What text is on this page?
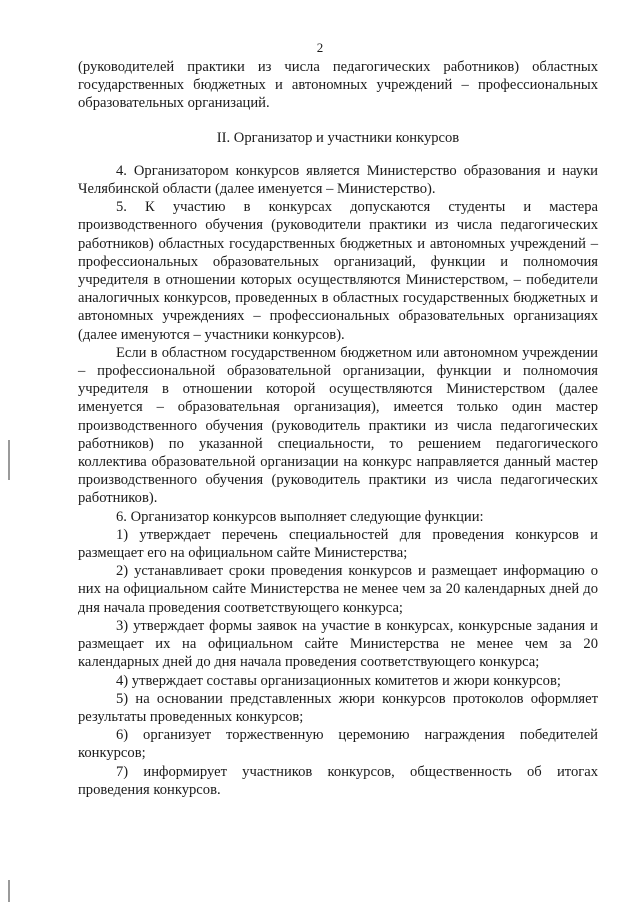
2

(руководителей практики из числа педагогических работников) областных государственных бюджетных и автономных учреждений – профессиональных образовательных организаций.

II. Организатор и участники конкурсов

4. Организатором конкурсов является Министерство образования и науки Челябинской области (далее именуется – Министерство).

5. К участию в конкурсах допускаются студенты и мастера производственного обучения (руководители практики из числа педагогических работников) областных государственных бюджетных и автономных учреждений – профессиональных образовательных организаций, функции и полномочия учредителя в отношении которых осуществляются Министерством, – победители аналогичных конкурсов, проведенных в областных государственных бюджетных и автономных учреждениях – профессиональных образовательных организациях (далее именуются – участники конкурсов).

Если в областном государственном бюджетном или автономном учреждении – профессиональной образовательной организации, функции и полномочия учредителя в отношении которой осуществляются Министерством (далее именуется – образовательная организация), имеется только один мастер производственного обучения (руководитель практики из числа педагогических работников) по указанной специальности, то решением педагогического коллектива образовательной организации на конкурс направляется данный мастер производственного обучения (руководитель практики из числа педагогических работников).

6. Организатор конкурсов выполняет следующие функции:

1) утверждает перечень специальностей для проведения конкурсов и размещает его на официальном сайте Министерства;

2) устанавливает сроки проведения конкурсов и размещает информацию о них на официальном сайте Министерства не менее чем за 20 календарных дней до дня начала проведения соответствующего конкурса;

3) утверждает формы заявок на участие в конкурсах, конкурсные задания и размещает их на официальном сайте Министерства не менее чем за 20 календарных дней до дня начала проведения соответствующего конкурса;

4) утверждает составы организационных комитетов и жюри конкурсов;

5) на основании представленных жюри конкурсов протоколов оформляет результаты проведенных конкурсов;

6) организует торжественную церемонию награждения победителей конкурсов;

7) информирует участников конкурсов, общественность об итогах проведения конкурсов.
